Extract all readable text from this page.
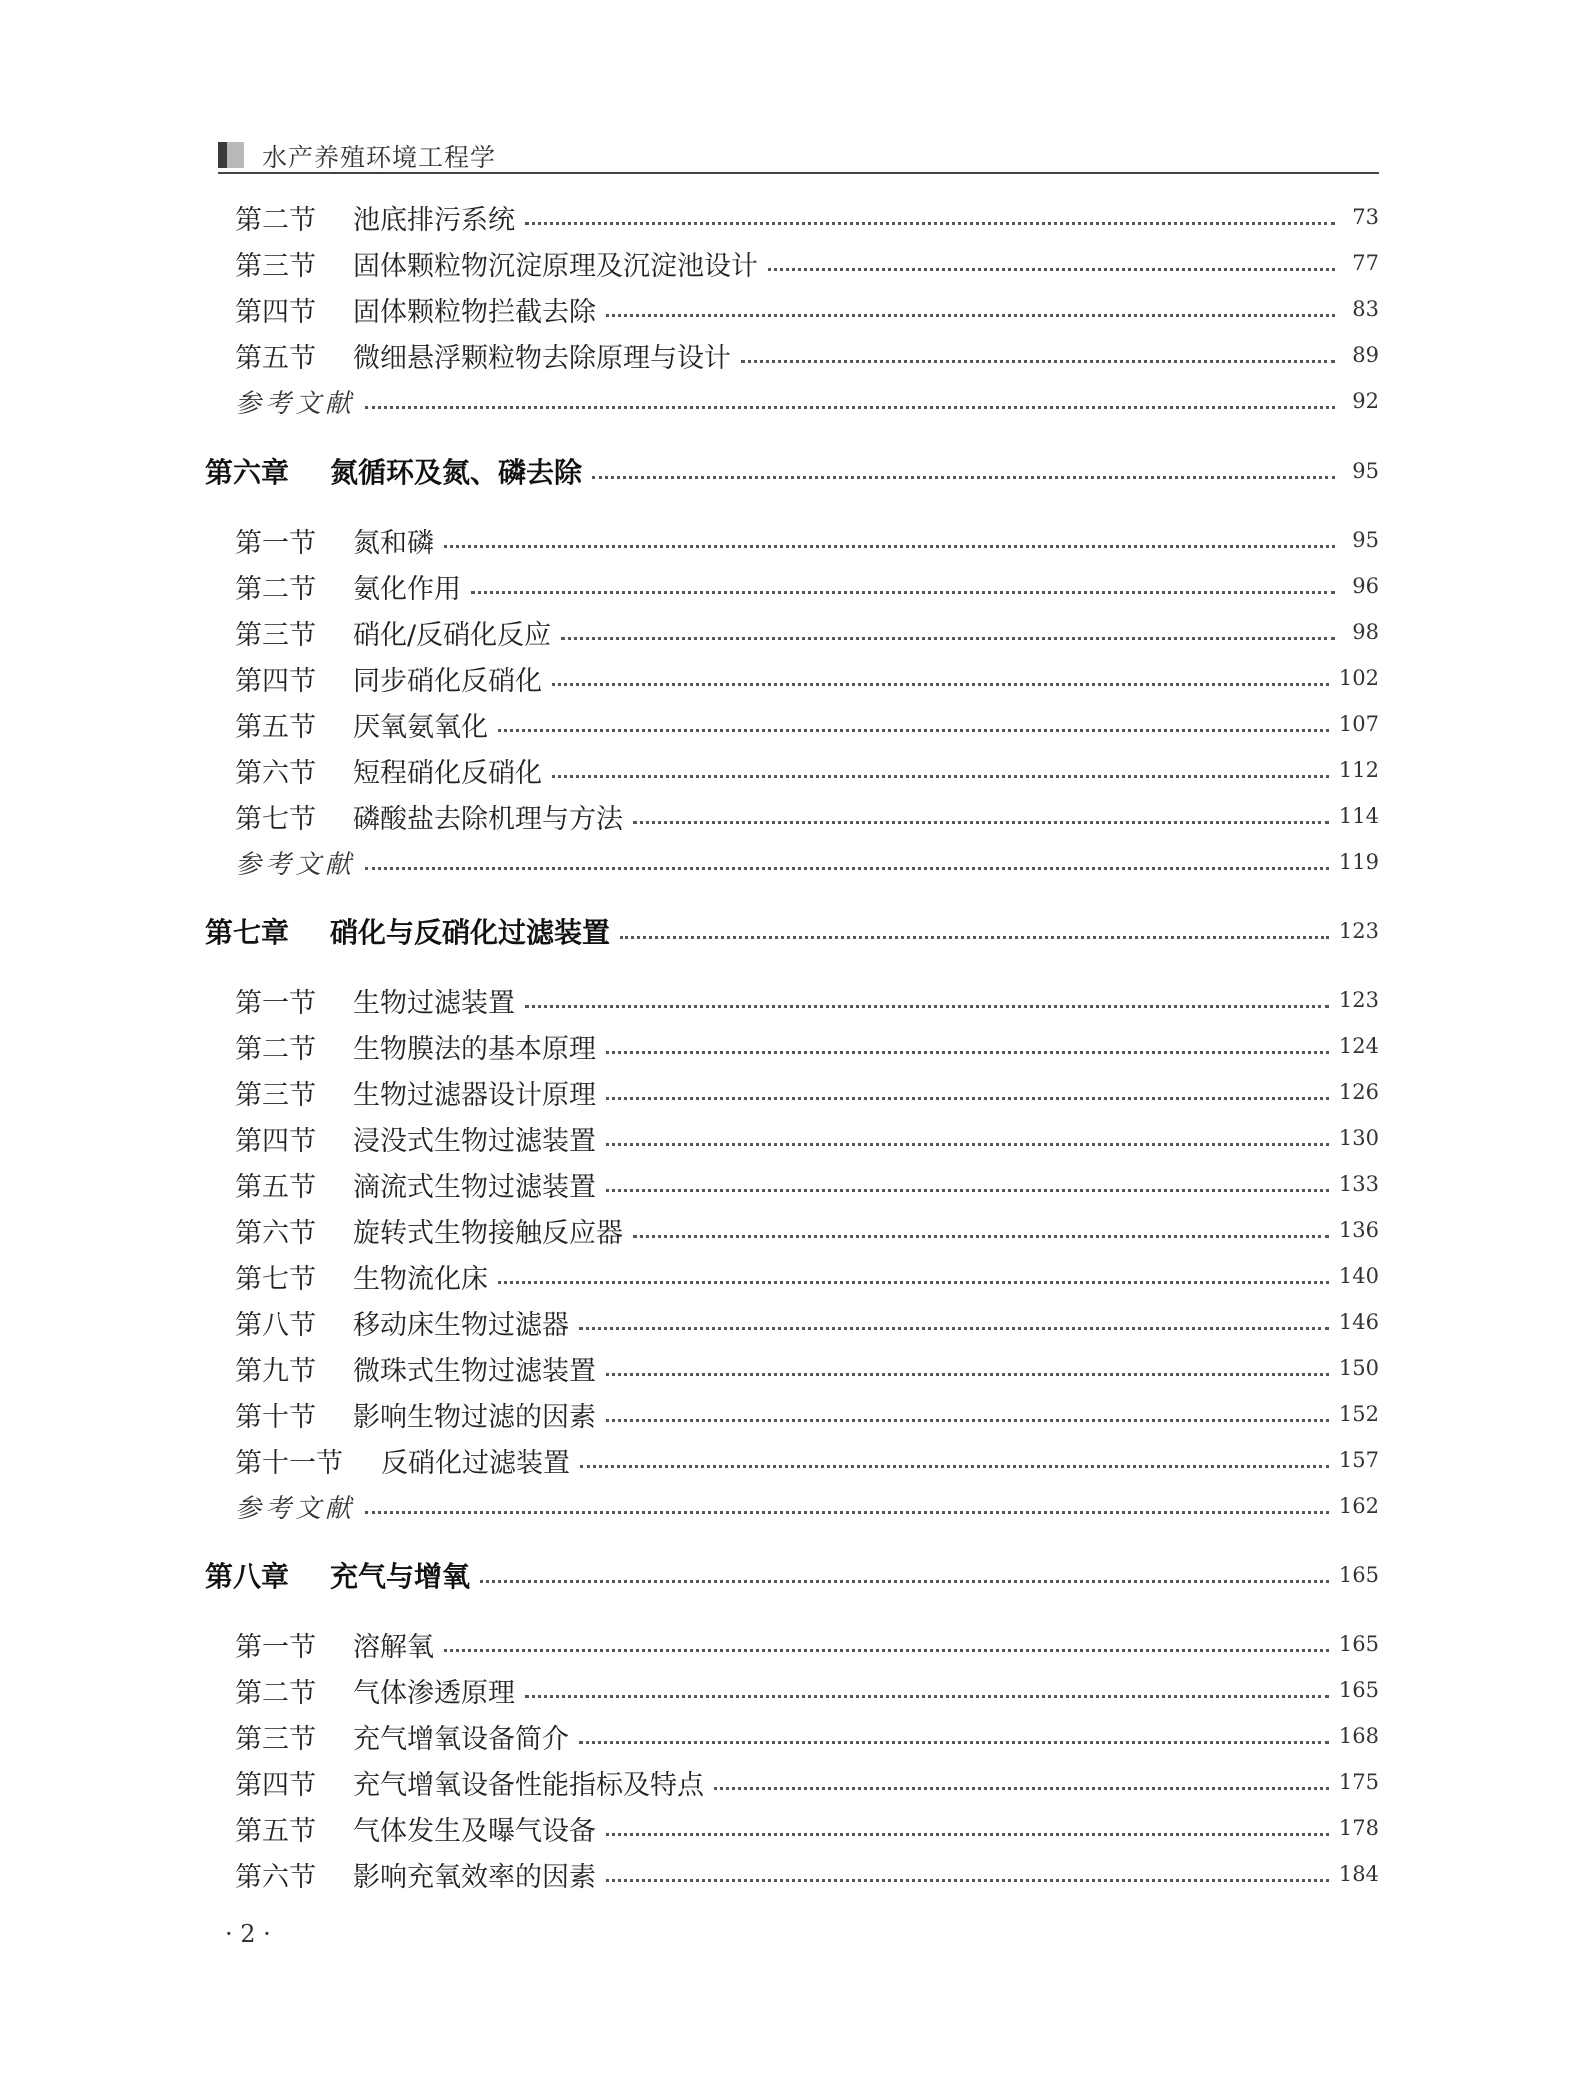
水产养殖环境工程学
第二节 池底排污系统	73
第三节 固体颗粒物沉淀原理及沉淀池设计	77
第四节 固体颗粒物拦截去除	83
第五节 微细悬浮颗粒物去除原理与设计	89
参考文献	92
第六章 氮循环及氮、磷去除	95
第一节 氮和磷	95
第二节 氨化作用	96
第三节 硝化/反硝化反应	98
第四节 同步硝化反硝化	102
第五节 厌氧氨氧化	107
第六节 短程硝化反硝化	112
第七节 磷酸盐去除机理与方法	114
参考文献	119
第七章 硝化与反硝化过滤装置	123
第一节 生物过滤装置	123
第二节 生物膜法的基本原理	124
第三节 生物过滤器设计原理	126
第四节 浸没式生物过滤装置	130
第五节 滴流式生物过滤装置	133
第六节 旋转式生物接触反应器	136
第七节 生物流化床	140
第八节 移动床生物过滤器	146
第九节 微珠式生物过滤装置	150
第十节 影响生物过滤的因素	152
第十一节 反硝化过滤装置	157
参考文献	162
第八章 充气与增氧	165
第一节 溶解氧	165
第二节 气体渗透原理	165
第三节 充气增氧设备简介	168
第四节 充气增氧设备性能指标及特点	175
第五节 气体发生及曝气设备	178
第六节 影响充氧效率的因素	184
· 2 ·
